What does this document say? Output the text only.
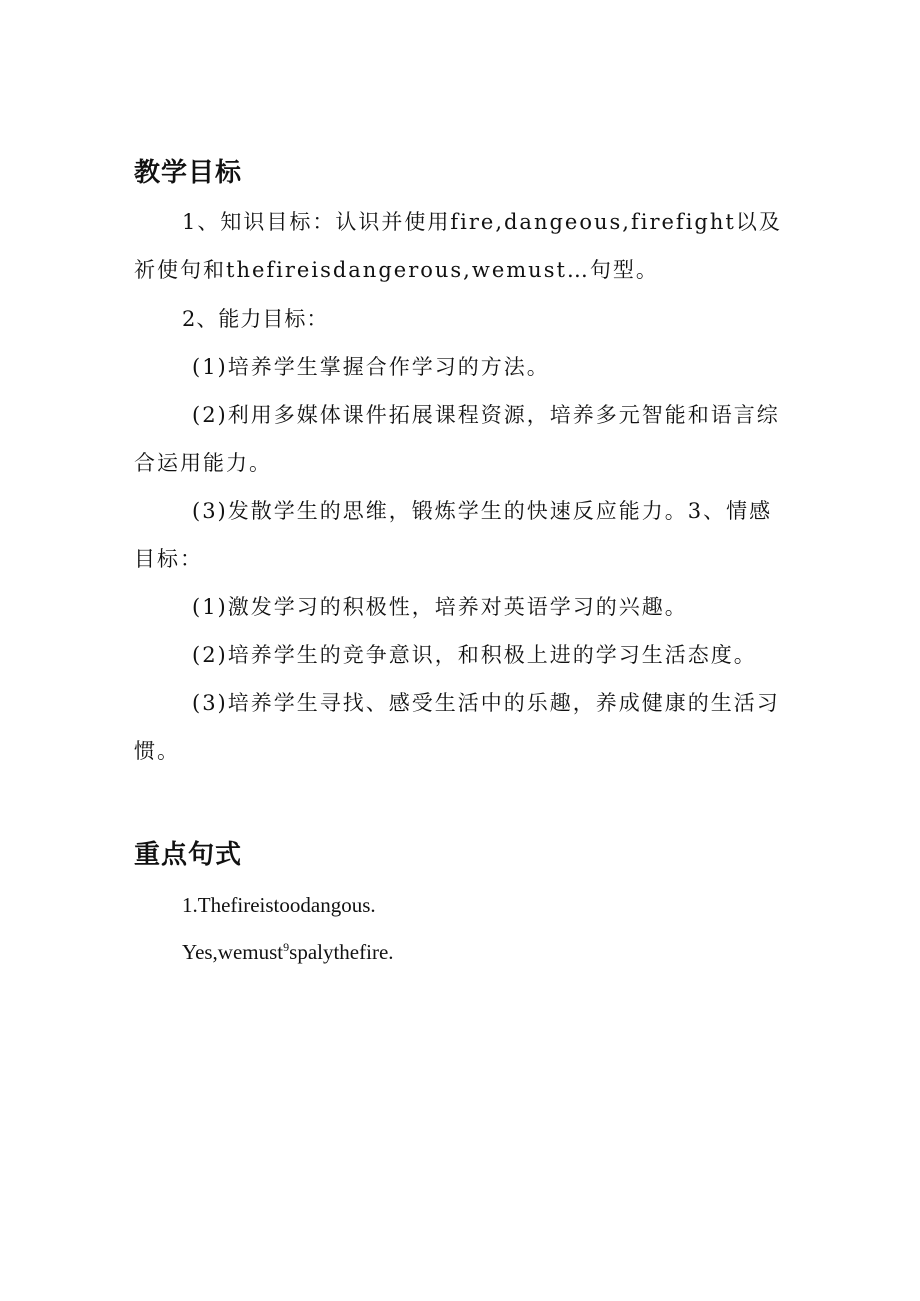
教学目标

1、知识目标：认识并使用fire,dangeous,firefight以及祈使句和thefireisdangerous,wemust…句型。

2、能力目标：

(1)培养学生掌握合作学习的方法。

(2)利用多媒体课件拓展课程资源，培养多元智能和语言综合运用能力。

(3)发散学生的思维，锻炼学生的快速反应能力。3、情感目标：

(1)激发学习的积极性，培养对英语学习的兴趣。

(2)培养学生的竞争意识，和积极上进的学习生活态度。

(3)培养学生寻找、感受生活中的乐趣，养成健康的生活习惯。

重点句式

1.Thefireistoodangous.

Yes,wemust$^9$spalythefire.
